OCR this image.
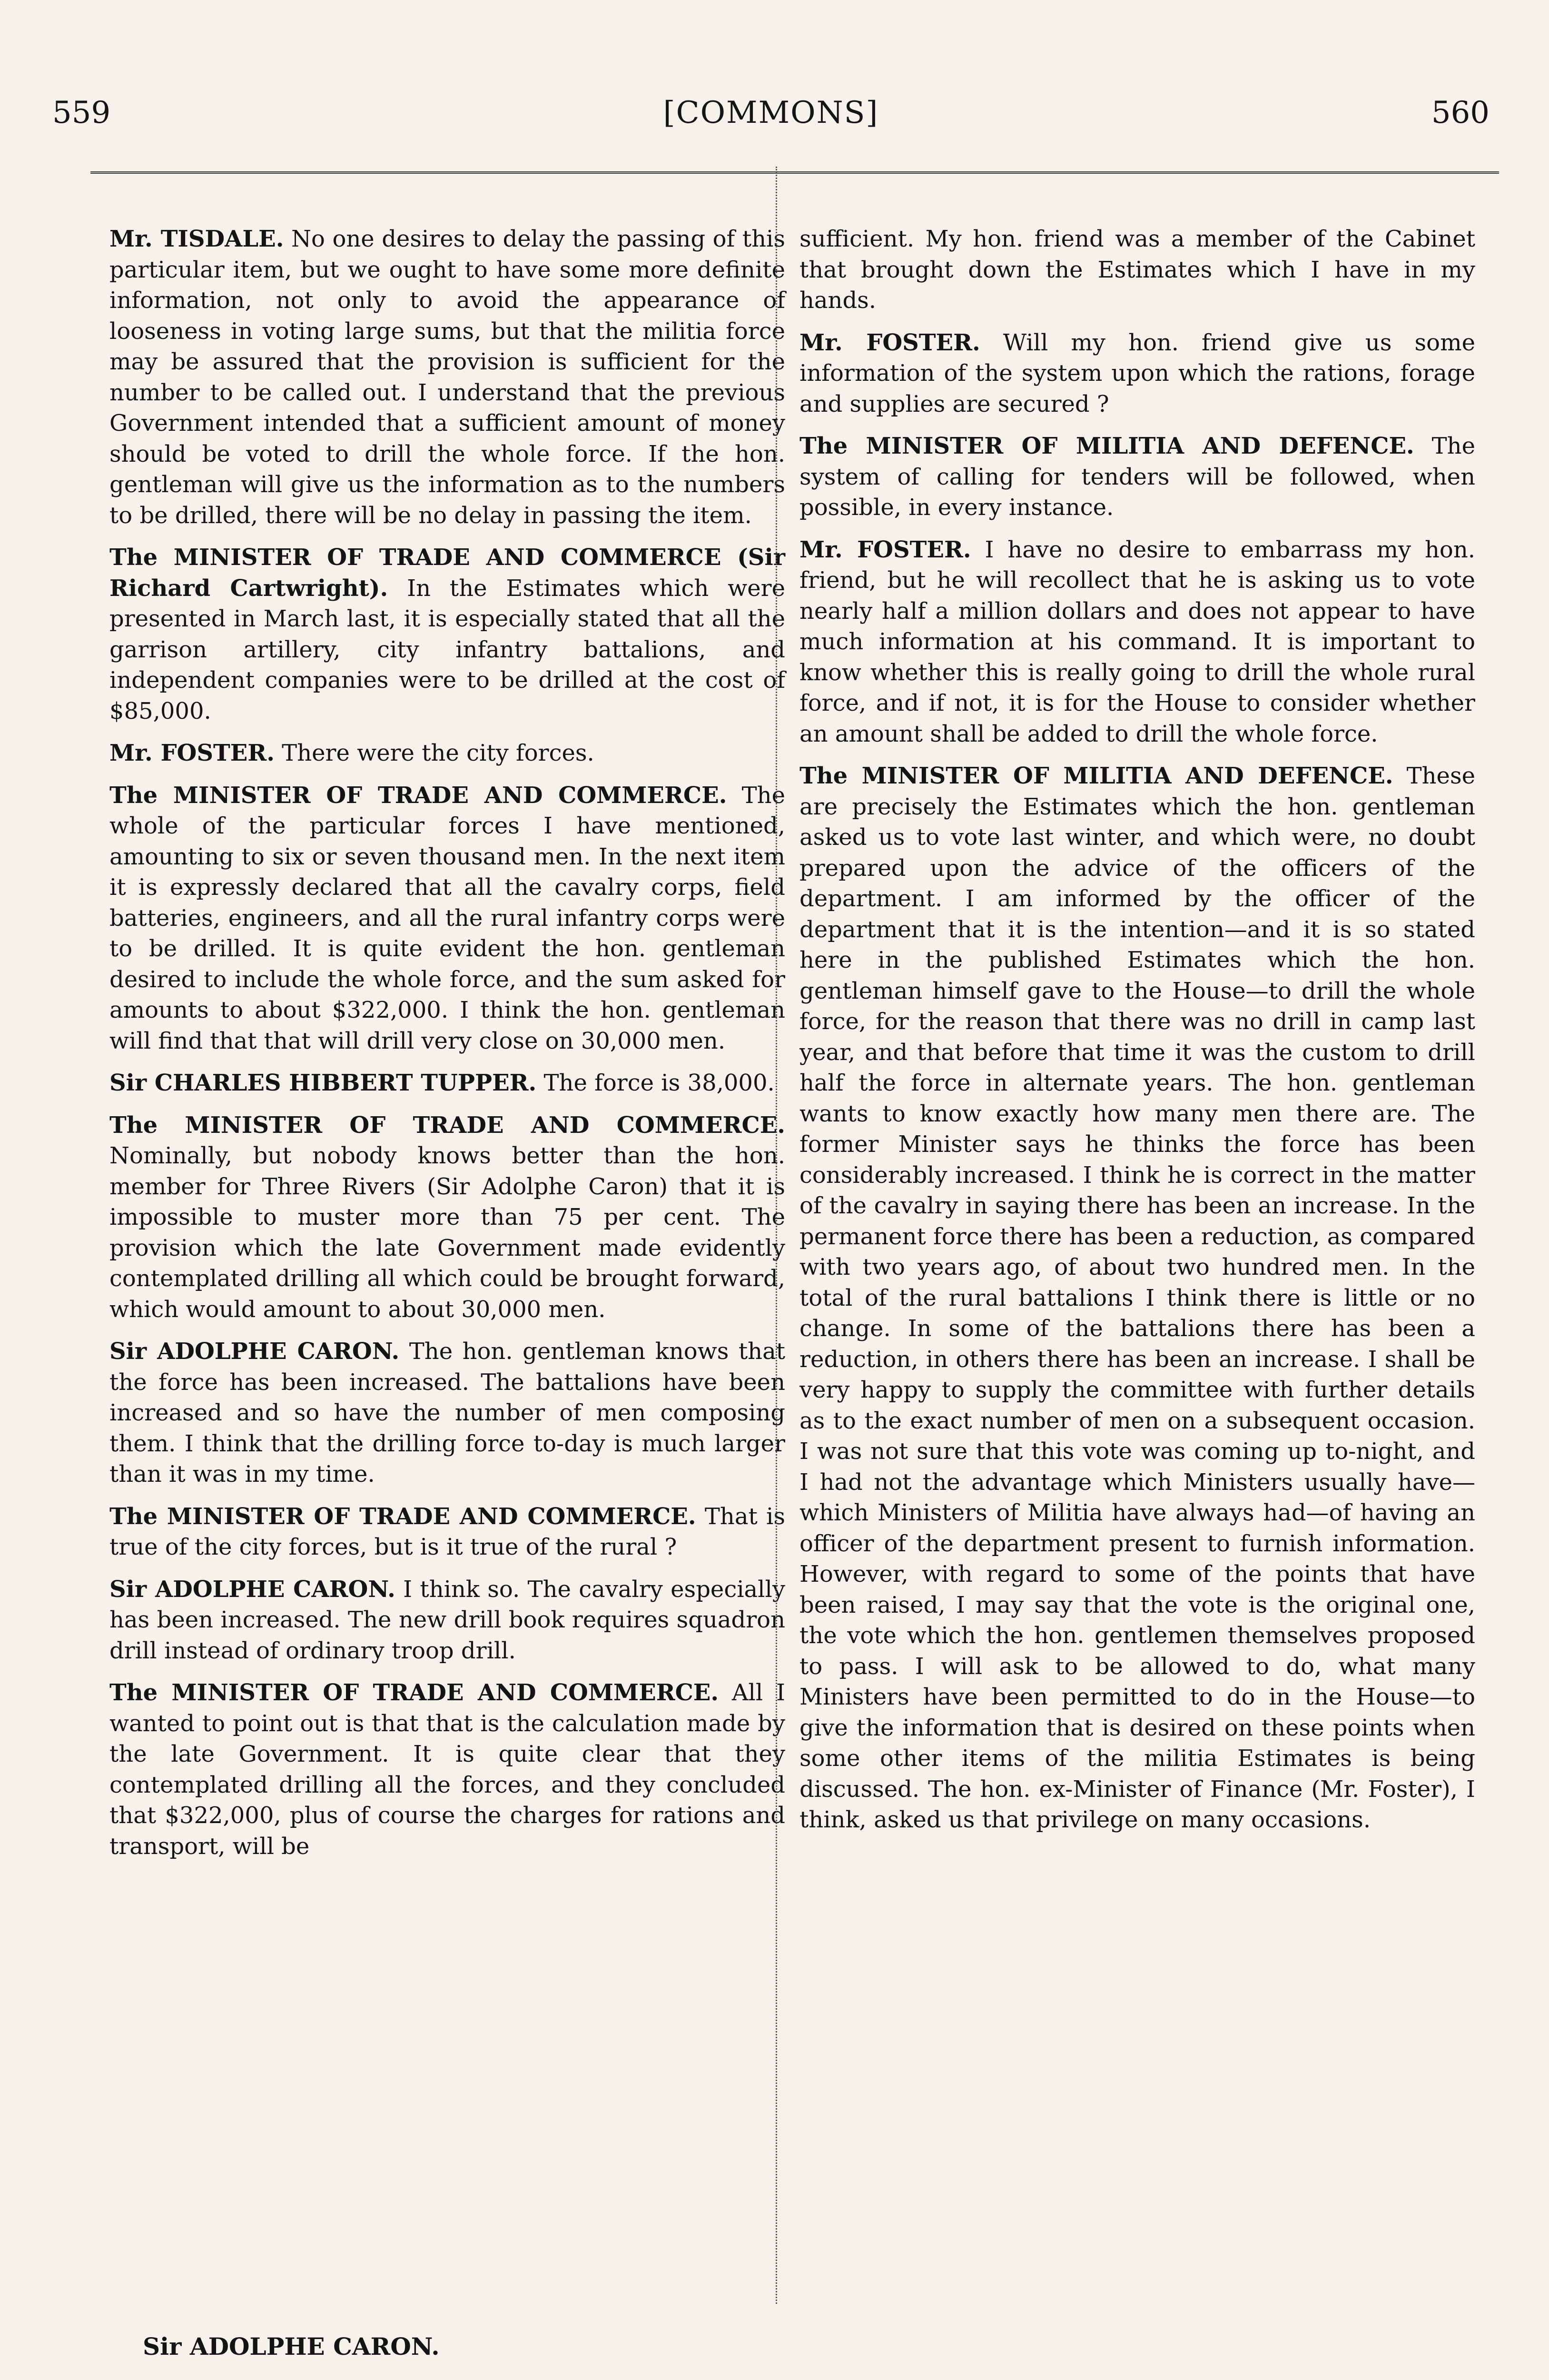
559	[COMMONS]	560

Mr. TISDALE. No one desires to delay the passing of this particular item, but we ought to have some more definite information, not only to avoid the appearance of looseness in voting large sums, but that the militia force may be assured that the provision is sufficient for the number to be called out. I understand that the previous Government intended that a sufficient amount of money should be voted to drill the whole force. If the hon. gentleman will give us the information as to the numbers to be drilled, there will be no delay in passing the item.

The MINISTER OF TRADE AND COMMERCE (Sir Richard Cartwright). In the Estimates which were presented in March last, it is especially stated that all the garrison artillery, city infantry battalions, and independent companies were to be drilled at the cost of $85,000.

Mr. FOSTER. There were the city forces.

The MINISTER OF TRADE AND COMMERCE. The whole of the particular forces I have mentioned, amounting to six or seven thousand men. In the next item it is expressly declared that all the cavalry corps, field batteries, engineers, and all the rural infantry corps were to be drilled. It is quite evident the hon. gentleman desired to include the whole force, and the sum asked for amounts to about $322,000. I think the hon. gentleman will find that that will drill very close on 30,000 men.

Sir CHARLES HIBBERT TUPPER. The force is 38,000.

The MINISTER OF TRADE AND COMMERCE. Nominally, but nobody knows better than the hon. member for Three Rivers (Sir Adolphe Caron) that it is impossible to muster more than 75 per cent. The provision which the late Government made evidently contemplated drilling all which could be brought forward, which would amount to about 30,000 men.

Sir ADOLPHE CARON. The hon. gentleman knows that the force has been increased. The battalions have been increased and so have the number of men composing them. I think that the drilling force to-day is much larger than it was in my time.

The MINISTER OF TRADE AND COMMERCE. That is true of the city forces, but is it true of the rural ?

Sir ADOLPHE CARON. I think so. The cavalry especially has been increased. The new drill book requires squadron drill instead of ordinary troop drill.

The MINISTER OF TRADE AND COMMERCE. All I wanted to point out is that that is the calculation made by the late Government. It is quite clear that they contemplated drilling all the forces, and they concluded that $322,000, plus of course the charges for rations and transport, will be

sufficient. My hon. friend was a member of the Cabinet that brought down the Estimates which I have in my hands.

Mr. FOSTER. Will my hon. friend give us some information of the system upon which the rations, forage and supplies are secured ?

The MINISTER OF MILITIA AND DEFENCE. The system of calling for tenders will be followed, when possible, in every instance.

Mr. FOSTER. I have no desire to embarrass my hon. friend, but he will recollect that he is asking us to vote nearly half a million dollars and does not appear to have much information at his command. It is important to know whether this is really going to drill the whole rural force, and if not, it is for the House to consider whether an amount shall be added to drill the whole force.

The MINISTER OF MILITIA AND DEFENCE. These are precisely the Estimates which the hon. gentleman asked us to vote last winter, and which were, no doubt prepared upon the advice of the officers of the department. I am informed by the officer of the department that it is the intention—and it is so stated here in the published Estimates which the hon. gentleman himself gave to the House—to drill the whole force, for the reason that there was no drill in camp last year, and that before that time it was the custom to drill half the force in alternate years. The hon. gentleman wants to know exactly how many men there are. The former Minister says he thinks the force has been considerably increased. I think he is correct in the matter of the cavalry in saying there has been an increase. In the permanent force there has been a reduction, as compared with two years ago, of about two hundred men. In the total of the rural battalions I think there is little or no change. In some of the battalions there has been a reduction, in others there has been an increase. I shall be very happy to supply the committee with further details as to the exact number of men on a subsequent occasion. I was not sure that this vote was coming up to-night, and I had not the advantage which Ministers usually have—which Ministers of Militia have always had—of having an officer of the department present to furnish information. However, with regard to some of the points that have been raised, I may say that the vote is the original one, the vote which the hon. gentlemen themselves proposed to pass. I will ask to be allowed to do, what many Ministers have been permitted to do in the House—to give the information that is desired on these points when some other items of the militia Estimates is being discussed. The hon. ex-Minister of Finance (Mr. Foster), I think, asked us that privilege on many occasions.

Sir ADOLPHE CARON.
